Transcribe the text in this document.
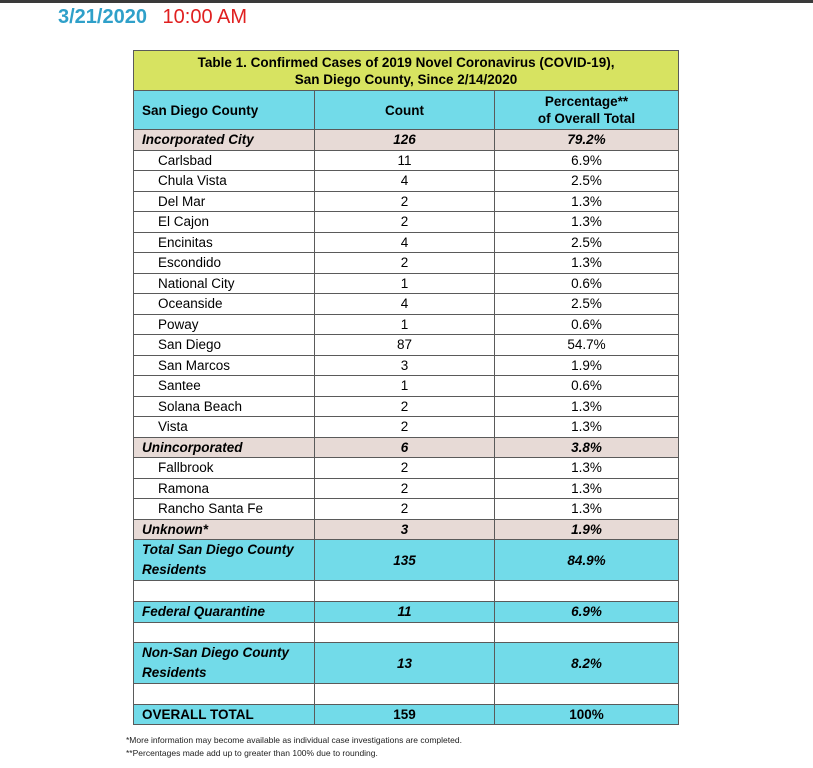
3/21/2020 10:00 AM
Table 1. Confirmed Cases of 2019 Novel Coronavirus (COVID-19),
San Diego County, Since 2/14/2020		
San Diego County	Count	Percentage**
of Overall Total
Incorporated City	126	79.2%
Carlsbad	11	6.9%
Chula Vista	4	2.5%
Del Mar	2	1.3%
El Cajon	2	1.3%
Encinitas	4	2.5%
Escondido	2	1.3%
National City	1	0.6%
Oceanside	4	2.5%
Poway	1	0.6%
San Diego	87	54.7%
San Marcos	3	1.9%
Santee	1	0.6%
Solana Beach	2	1.3%
Vista	2	1.3%
Unincorporated	6	3.8%
Fallbrook	2	1.3%
Ramona	2	1.3%
Rancho Santa Fe	2	1.3%
Unknown*	3	1.9%
Total San Diego County
Residents	135	84.9%

Federal Quarantine	11	6.9%

Non-San Diego County
Residents	13	8.2%

OVERALL TOTAL	159	100%
*More information may become available as individual case investigations are completed.
**Percentages made add up to greater than 100% due to rounding.
